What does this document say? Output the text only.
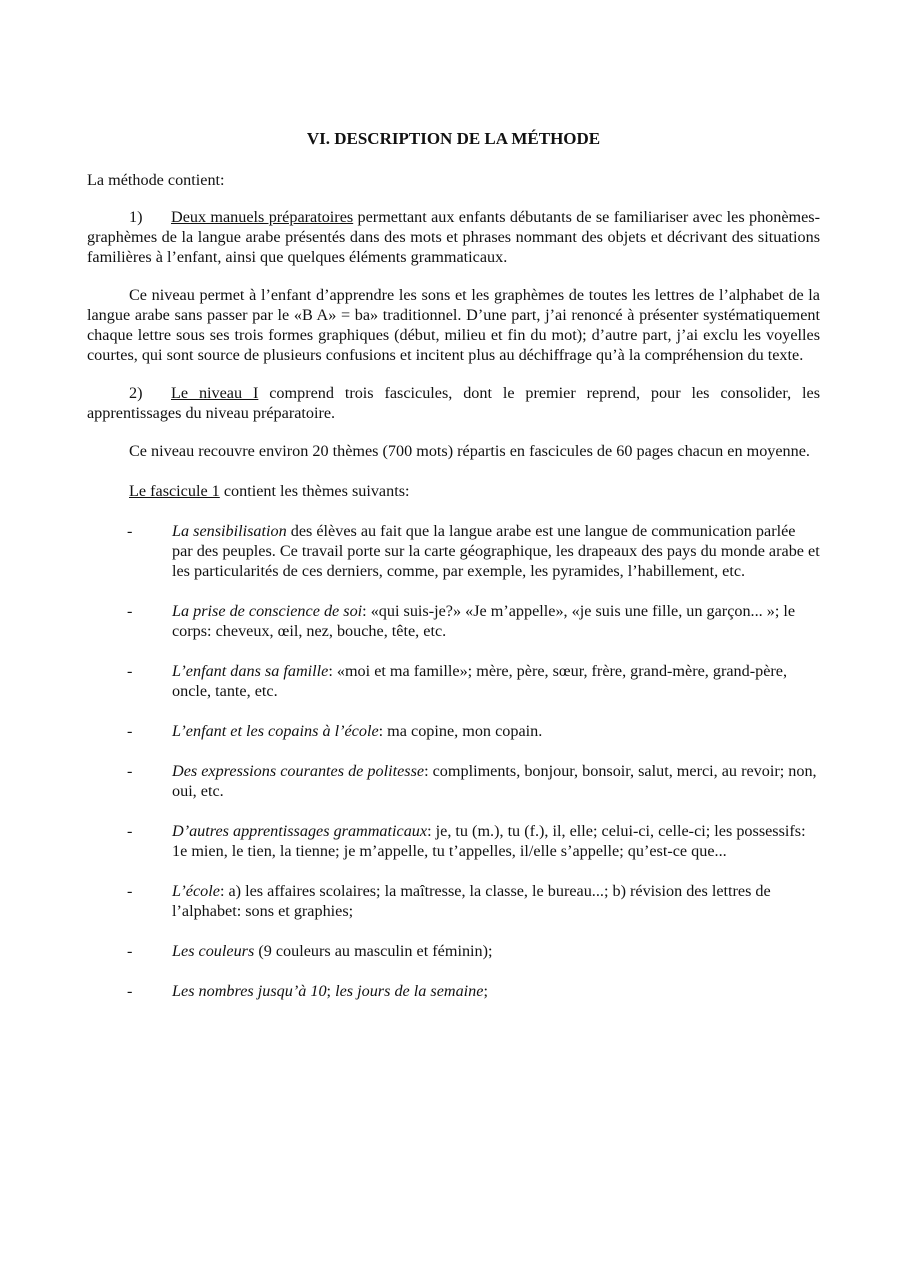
VI. DESCRIPTION DE LA MÉTHODE
La méthode contient:

1) Deux manuels préparatoires permettant aux enfants débutants de se familiariser avec les phonèmes-graphèmes de la langue arabe présentés dans des mots et phrases nommant des objets et décrivant des situations familières à l’enfant, ainsi que quelques éléments grammaticaux.

Ce niveau permet à l’enfant d’apprendre les sons et les graphèmes de toutes les lettres de l’alphabet de la langue arabe sans passer par le «B A» = ba» traditionnel. D’une part, j’ai renoncé à présenter systématiquement chaque lettre sous ses trois formes graphiques (début, milieu et fin du mot); d’autre part, j’ai exclu les voyelles courtes, qui sont source de plusieurs confusions et incitent plus au déchiffrage qu’à la compréhension du texte.

2) Le niveau I comprend trois fascicules, dont le premier reprend, pour les consolider, les apprentissages du niveau préparatoire.

Ce niveau recouvre environ 20 thèmes (700 mots) répartis en fascicules de 60 pages chacun en moyenne.

Le fascicule 1 contient les thèmes suivants:
- La sensibilisation des élèves au fait que la langue arabe est une langue de communication parlée par des peuples. Ce travail porte sur la carte géographique, les drapeaux des pays du monde arabe et les particularités de ces derniers, comme, par exemple, les pyramides, l’habillement, etc.
- La prise de conscience de soi: «qui suis-je?» «Je m’appelle», «je suis une fille, un garçon... »; le corps: cheveux, œil, nez, bouche, tête, etc.
- L’enfant dans sa famille: «moi et ma famille»; mère, père, sœur, frère, grand-mère, grand-père, oncle, tante, etc.
- L’enfant et les copains à l’école: ma copine, mon copain.
- Des expressions courantes de politesse: compliments, bonjour, bonsoir, salut, merci, au revoir; non, oui, etc.
- D’autres apprentissages grammaticaux: je, tu (m.), tu (f.), il, elle; celui-ci, celle-ci; les possessifs: 1e mien, le tien, la tienne; je m’appelle, tu t’appelles, il/elle s’appelle; qu’est-ce que...
- L’école: a) les affaires scolaires; la maîtresse, la classe, le bureau...; b) révision des lettres de l’alphabet: sons et graphies;
- Les couleurs (9 couleurs au masculin et féminin);
- Les nombres jusqu’à 10; les jours de la semaine;
